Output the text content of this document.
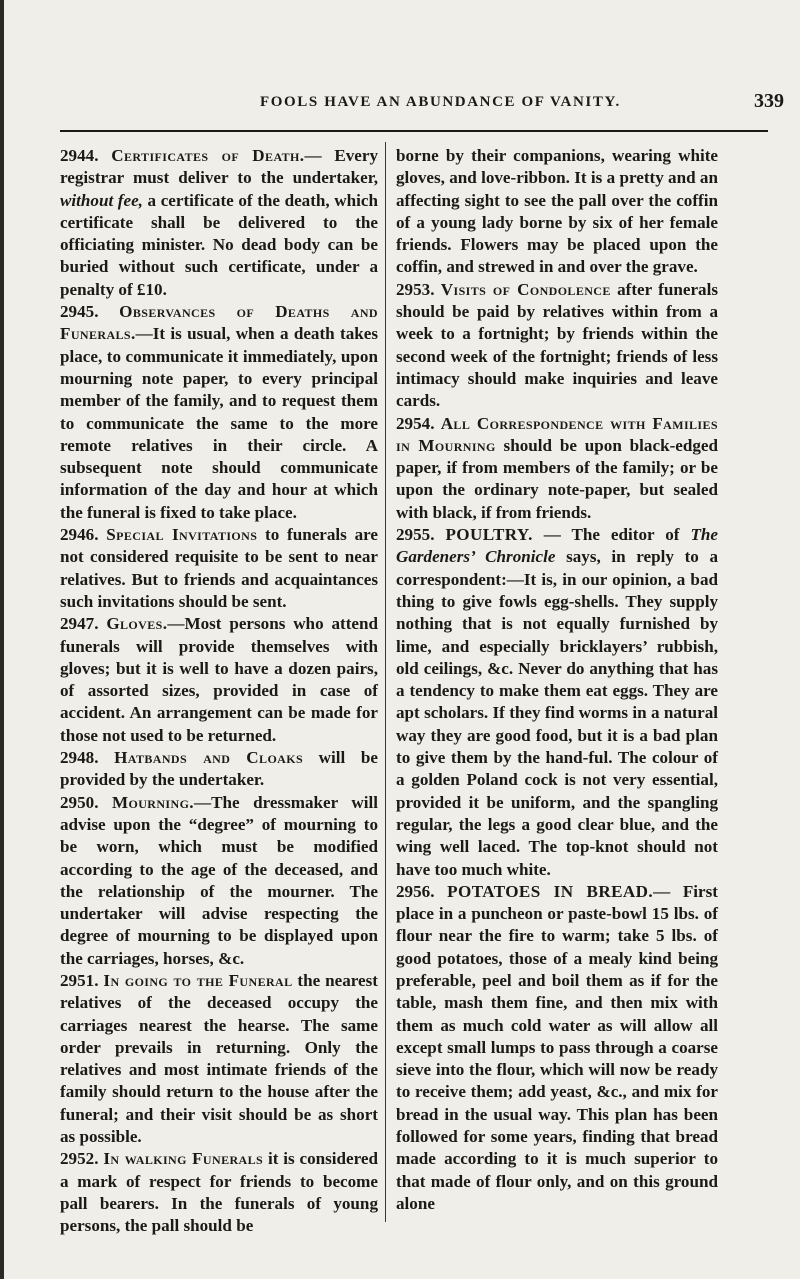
FOOLS HAVE AN ABUNDANCE OF VANITY.	339

2944. Certificates of Death.— Every registrar must deliver to the undertaker, without fee, a certificate of the death, which certificate shall be delivered to the officiating minister. No dead body can be buried without such certificate, under a penalty of £10.

2945. Observances of Deaths and Funerals.—It is usual, when a death takes place, to communicate it immediately, upon mourning note paper, to every principal member of the family, and to request them to communicate the same to the more remote relatives in their circle. A subsequent note should communicate information of the day and hour at which the funeral is fixed to take place.

2946. Special Invitations to funerals are not considered requisite to be sent to near relatives. But to friends and acquaintances such invitations should be sent.

2947. Gloves.—Most persons who attend funerals will provide themselves with gloves; but it is well to have a dozen pairs, of assorted sizes, provided in case of accident. An arrangement can be made for those not used to be returned.

2948. Hatbands and Cloaks will be provided by the undertaker.

2950. Mourning.—The dressmaker will advise upon the “degree” of mourning to be worn, which must be modified according to the age of the deceased, and the relationship of the mourner. The undertaker will advise respecting the degree of mourning to be displayed upon the carriages, horses, &c.

2951. In going to the Funeral the nearest relatives of the deceased occupy the carriages nearest the hearse. The same order prevails in returning. Only the relatives and most intimate friends of the family should return to the house after the funeral; and their visit should be as short as possible.

2952. In walking Funerals it is considered a mark of respect for friends to become pall bearers. In the funerals of young persons, the pall should be

borne by their companions, wearing white gloves, and love-ribbon. It is a pretty and an affecting sight to see the pall over the coffin of a young lady borne by six of her female friends. Flowers may be placed upon the coffin, and strewed in and over the grave.

2953. Visits of Condolence after funerals should be paid by relatives within from a week to a fortnight; by friends within the second week of the fortnight; friends of less intimacy should make inquiries and leave cards.

2954. All Correspondence with Families in Mourning should be upon black-edged paper, if from members of the family; or be upon the ordinary note-paper, but sealed with black, if from friends.

2955. POULTRY. — The editor of The Gardeners’ Chronicle says, in reply to a correspondent:—It is, in our opinion, a bad thing to give fowls egg-shells. They supply nothing that is not equally furnished by lime, and especially bricklayers’ rubbish, old ceilings, &c. Never do anything that has a tendency to make them eat eggs. They are apt scholars. If they find worms in a natural way they are good food, but it is a bad plan to give them by the hand-ful. The colour of a golden Poland cock is not very essential, provided it be uniform, and the spangling regular, the legs a good clear blue, and the wing well laced. The top-knot should not have too much white.

2956. POTATOES IN BREAD.— First place in a puncheon or paste-bowl 15 lbs. of flour near the fire to warm; take 5 lbs. of good potatoes, those of a mealy kind being preferable, peel and boil them as if for the table, mash them fine, and then mix with them as much cold water as will allow all except small lumps to pass through a coarse sieve into the flour, which will now be ready to receive them; add yeast, &c., and mix for bread in the usual way. This plan has been followed for some years, finding that bread made according to it is much superior to that made of flour only, and on this ground alone
